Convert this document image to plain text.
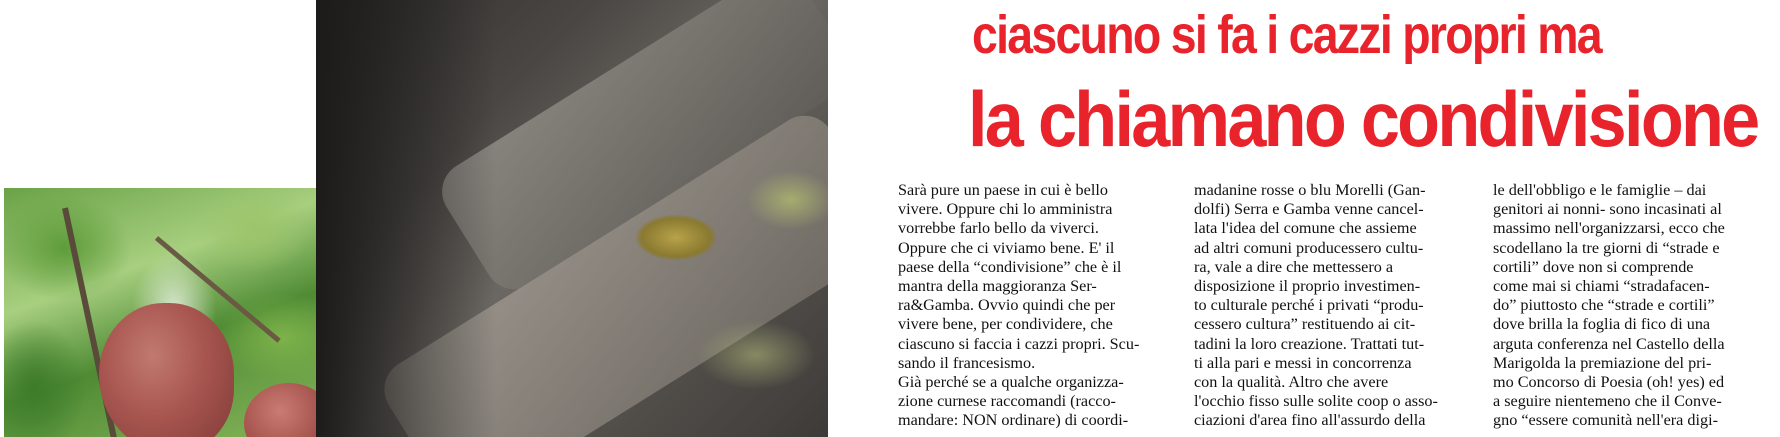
ciascuno si fa i cazzi propri ma
la chiamano condivisione
Sarà pure un paese in cui è bello
vivere. Oppure chi lo amministra
vorrebbe farlo bello da viverci.
Oppure che ci viviamo bene. E' il
paese della “condivisione” che è il
mantra della maggioranza Ser-
ra&Gamba. Ovvio quindi che per
vivere bene, per condividere, che
ciascuno si faccia i cazzi propri. Scu-
sando il francesismo.
Già perché se a qualche organizza-
zione curnese raccomandi (racco-
mandare: NON ordinare) di coordi-
madanine rosse o blu Morelli (Gan-
dolfi) Serra e Gamba venne cancel-
lata l'idea del comune che assieme
ad altri comuni producessero cultu-
ra, vale a dire che mettessero a
disposizione il proprio investimen-
to culturale perché i privati “produ-
cessero cultura” restituendo ai cit-
tadini la loro creazione. Trattati tut-
ti alla pari e messi in concorrenza
con la qualità. Altro che avere
l'occhio fisso sulle solite coop o asso-
ciazioni d'area fino all'assurdo della
le dell'obbligo e le famiglie – dai
genitori ai nonni- sono incasinati al
massimo nell'organizzarsi, ecco che
scodellano la tre giorni di “strade e
cortili” dove non si comprende
come mai si chiami “stradafacen-
do” piuttosto che “strade e cortili”
dove brilla la foglia di fico di una
arguta conferenza nel Castello della
Marigolda la premiazione del pri-
mo Concorso di Poesia (oh! yes) ed
a seguire nientemeno che il Conve-
gno “essere comunità nell'era digi-
